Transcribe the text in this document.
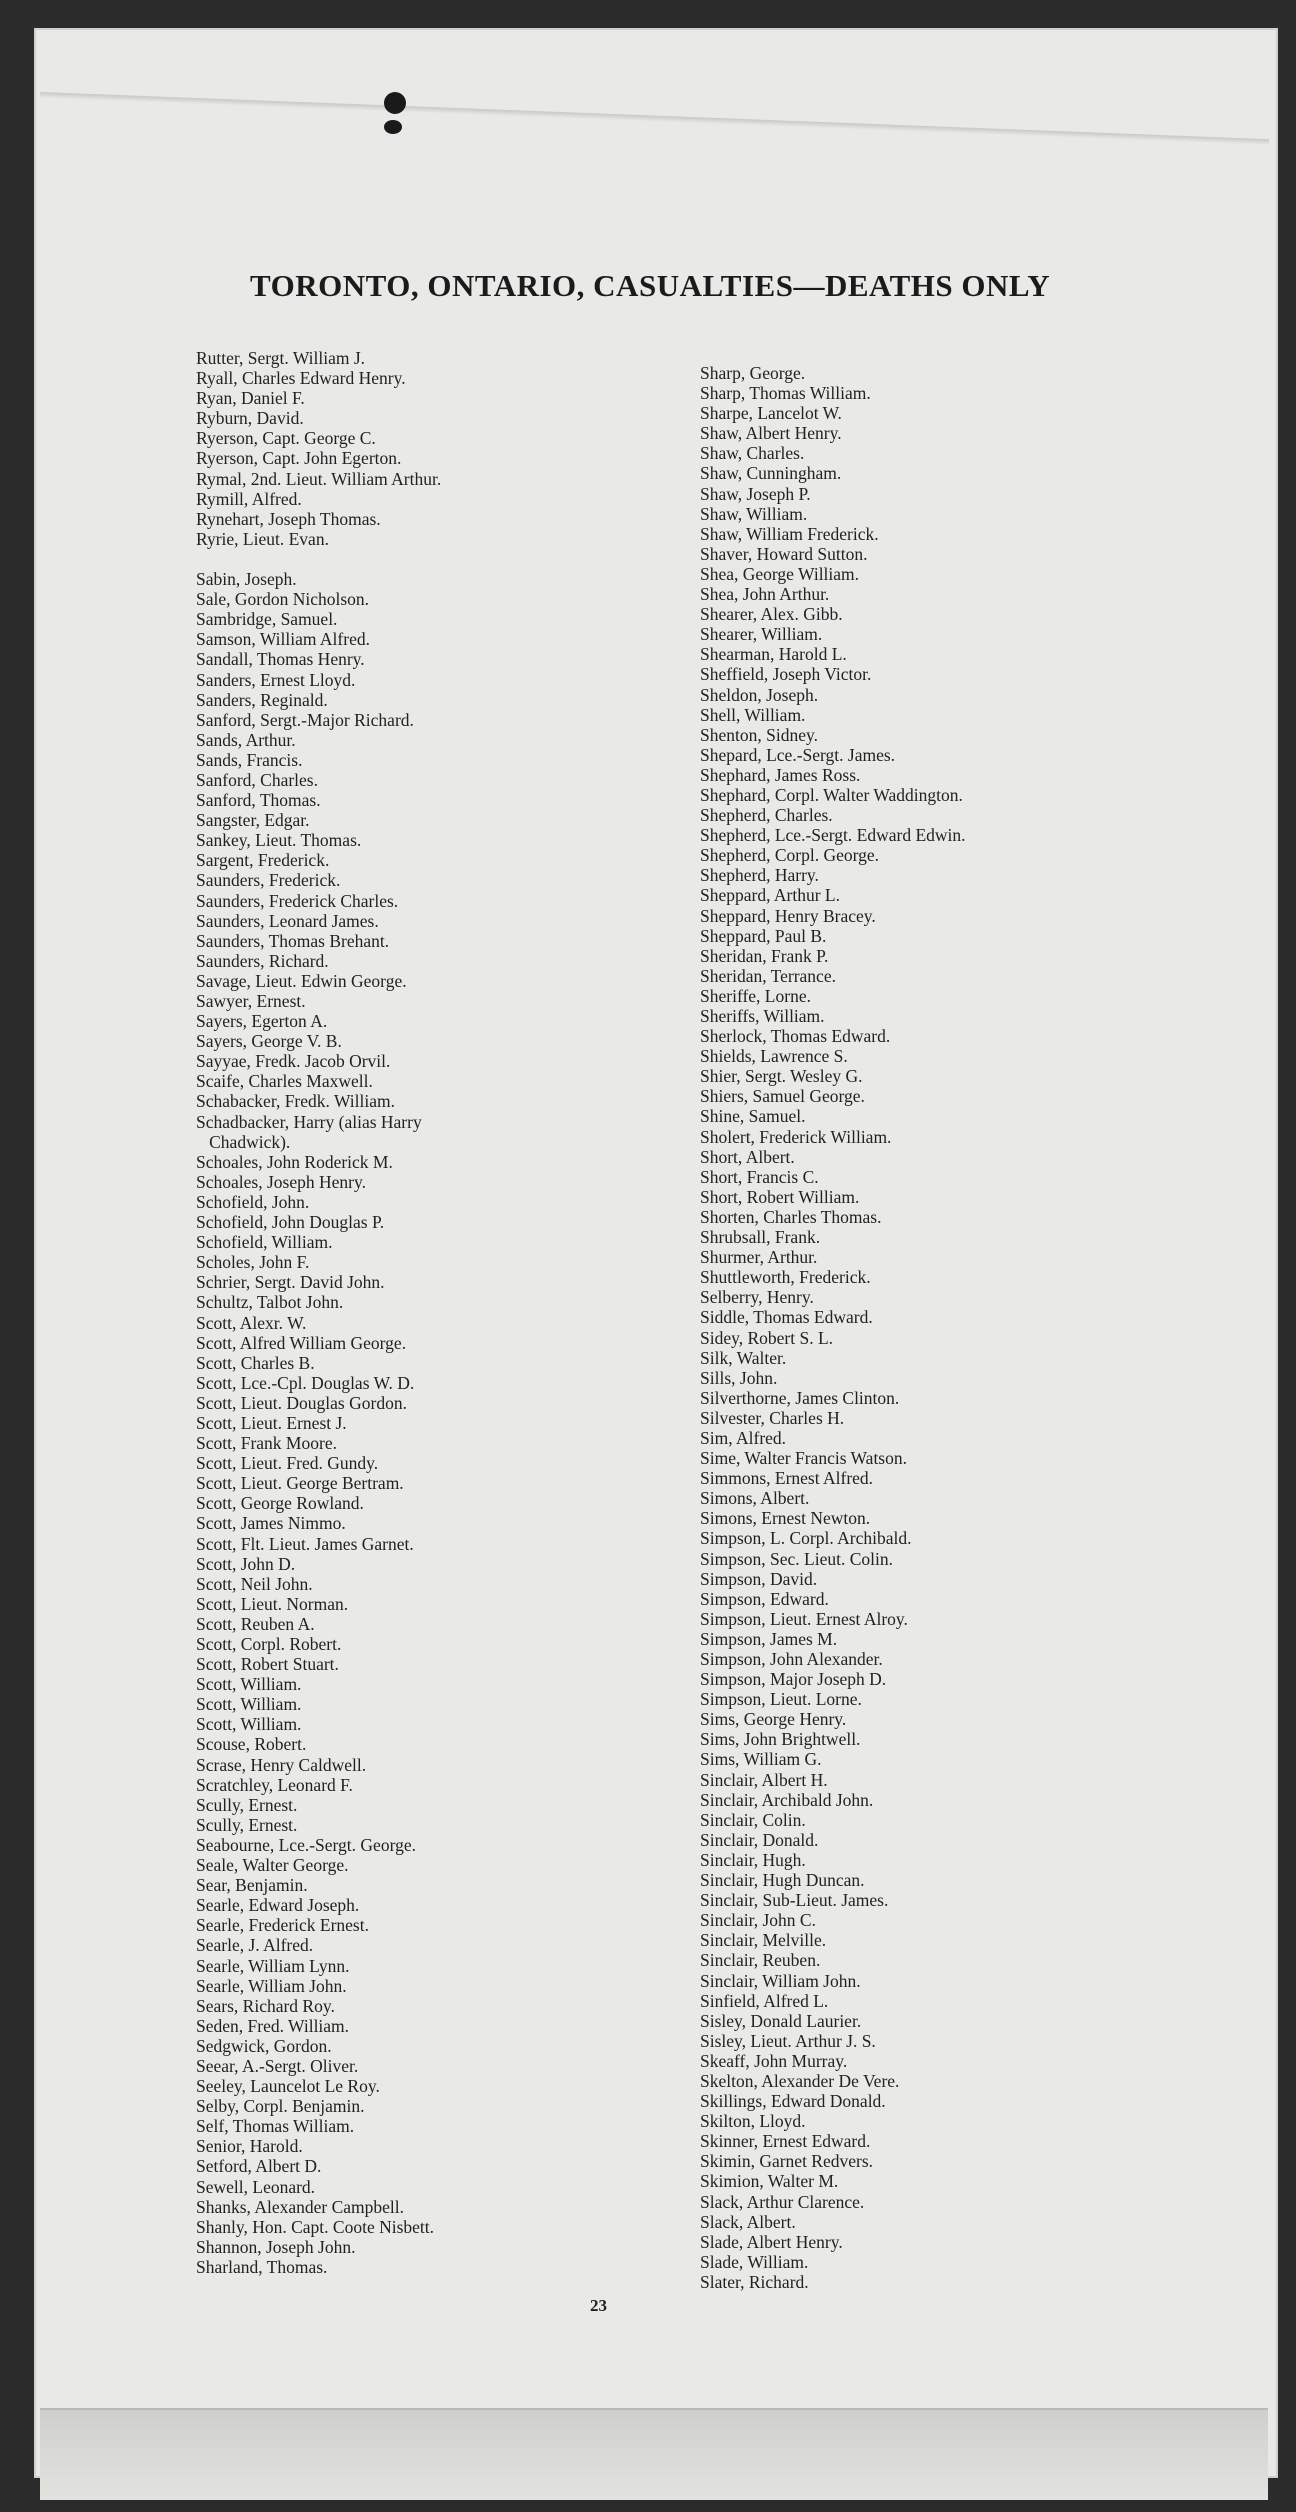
TORONTO, ONTARIO, CASUALTIES—DEATHS ONLY
Rutter, Sergt. William J.
Ryall, Charles Edward Henry.
Ryan, Daniel F.
Ryburn, David.
Ryerson, Capt. George C.
Ryerson, Capt. John Egerton.
Rymal, 2nd. Lieut. William Arthur.
Rymill, Alfred.
Rynehart, Joseph Thomas.
Ryrie, Lieut. Evan.
Sabin, Joseph.
Sale, Gordon Nicholson.
Sambridge, Samuel.
Samson, William Alfred.
Sandall, Thomas Henry.
Sanders, Ernest Lloyd.
Sanders, Reginald.
Sanford, Sergt.-Major Richard.
Sands, Arthur.
Sands, Francis.
Sanford, Charles.
Sanford, Thomas.
Sangster, Edgar.
Sankey, Lieut. Thomas.
Sargent, Frederick.
Saunders, Frederick.
Saunders, Frederick Charles.
Saunders, Leonard James.
Saunders, Thomas Brehant.
Saunders, Richard.
Savage, Lieut. Edwin George.
Sawyer, Ernest.
Sayers, Egerton A.
Sayers, George V. B.
Sayyae, Fredk. Jacob Orvil.
Scaife, Charles Maxwell.
Schabacker, Fredk. William.
Schadbacker, Harry (alias Harry
Chadwick).
Schoales, John Roderick M.
Schoales, Joseph Henry.
Schofield, John.
Schofield, John Douglas P.
Schofield, William.
Scholes, John F.
Schrier, Sergt. David John.
Schultz, Talbot John.
Scott, Alexr. W.
Scott, Alfred William George.
Scott, Charles B.
Scott, Lce.-Cpl. Douglas W. D.
Scott, Lieut. Douglas Gordon.
Scott, Lieut. Ernest J.
Scott, Frank Moore.
Scott, Lieut. Fred. Gundy.
Scott, Lieut. George Bertram.
Scott, George Rowland.
Scott, James Nimmo.
Scott, Flt. Lieut. James Garnet.
Scott, John D.
Scott, Neil John.
Scott, Lieut. Norman.
Scott, Reuben A.
Scott, Corpl. Robert.
Scott, Robert Stuart.
Scott, William.
Scott, William.
Scott, William.
Scouse, Robert.
Scrase, Henry Caldwell.
Scratchley, Leonard F.
Scully, Ernest.
Scully, Ernest.
Seabourne, Lce.-Sergt. George.
Seale, Walter George.
Sear, Benjamin.
Searle, Edward Joseph.
Searle, Frederick Ernest.
Searle, J. Alfred.
Searle, William Lynn.
Searle, William John.
Sears, Richard Roy.
Seden, Fred. William.
Sedgwick, Gordon.
Seear, A.-Sergt. Oliver.
Seeley, Launcelot Le Roy.
Selby, Corpl. Benjamin.
Self, Thomas William.
Senior, Harold.
Setford, Albert D.
Sewell, Leonard.
Shanks, Alexander Campbell.
Shanly, Hon. Capt. Coote Nisbett.
Shannon, Joseph John.
Sharland, Thomas.
Sharp, George.
Sharp, Thomas William.
Sharpe, Lancelot W.
Shaw, Albert Henry.
Shaw, Charles.
Shaw, Cunningham.
Shaw, Joseph P.
Shaw, William.
Shaw, William Frederick.
Shaver, Howard Sutton.
Shea, George William.
Shea, John Arthur.
Shearer, Alex. Gibb.
Shearer, William.
Shearman, Harold L.
Sheffield, Joseph Victor.
Sheldon, Joseph.
Shell, William.
Shenton, Sidney.
Shepard, Lce.-Sergt. James.
Shephard, James Ross.
Shephard, Corpl. Walter Waddington.
Shepherd, Charles.
Shepherd, Lce.-Sergt. Edward Edwin.
Shepherd, Corpl. George.
Shepherd, Harry.
Sheppard, Arthur L.
Sheppard, Henry Bracey.
Sheppard, Paul B.
Sheridan, Frank P.
Sheridan, Terrance.
Sheriffe, Lorne.
Sheriffs, William.
Sherlock, Thomas Edward.
Shields, Lawrence S.
Shier, Sergt. Wesley G.
Shiers, Samuel George.
Shine, Samuel.
Sholert, Frederick William.
Short, Albert.
Short, Francis C.
Short, Robert William.
Shorten, Charles Thomas.
Shrubsall, Frank.
Shurmer, Arthur.
Shuttleworth, Frederick.
Selberry, Henry.
Siddle, Thomas Edward.
Sidey, Robert S. L.
Silk, Walter.
Sills, John.
Silverthorne, James Clinton.
Silvester, Charles H.
Sim, Alfred.
Sime, Walter Francis Watson.
Simmons, Ernest Alfred.
Simons, Albert.
Simons, Ernest Newton.
Simpson, L. Corpl. Archibald.
Simpson, Sec. Lieut. Colin.
Simpson, David.
Simpson, Edward.
Simpson, Lieut. Ernest Alroy.
Simpson, James M.
Simpson, John Alexander.
Simpson, Major Joseph D.
Simpson, Lieut. Lorne.
Sims, George Henry.
Sims, John Brightwell.
Sims, William G.
Sinclair, Albert H.
Sinclair, Archibald John.
Sinclair, Colin.
Sinclair, Donald.
Sinclair, Hugh.
Sinclair, Hugh Duncan.
Sinclair, Sub-Lieut. James.
Sinclair, John C.
Sinclair, Melville.
Sinclair, Reuben.
Sinclair, William John.
Sinfield, Alfred L.
Sisley, Donald Laurier.
Sisley, Lieut. Arthur J. S.
Skeaff, John Murray.
Skelton, Alexander De Vere.
Skillings, Edward Donald.
Skilton, Lloyd.
Skinner, Ernest Edward.
Skimin, Garnet Redvers.
Skimion, Walter M.
Slack, Arthur Clarence.
Slack, Albert.
Slade, Albert Henry.
Slade, William.
Slater, Richard.
23
